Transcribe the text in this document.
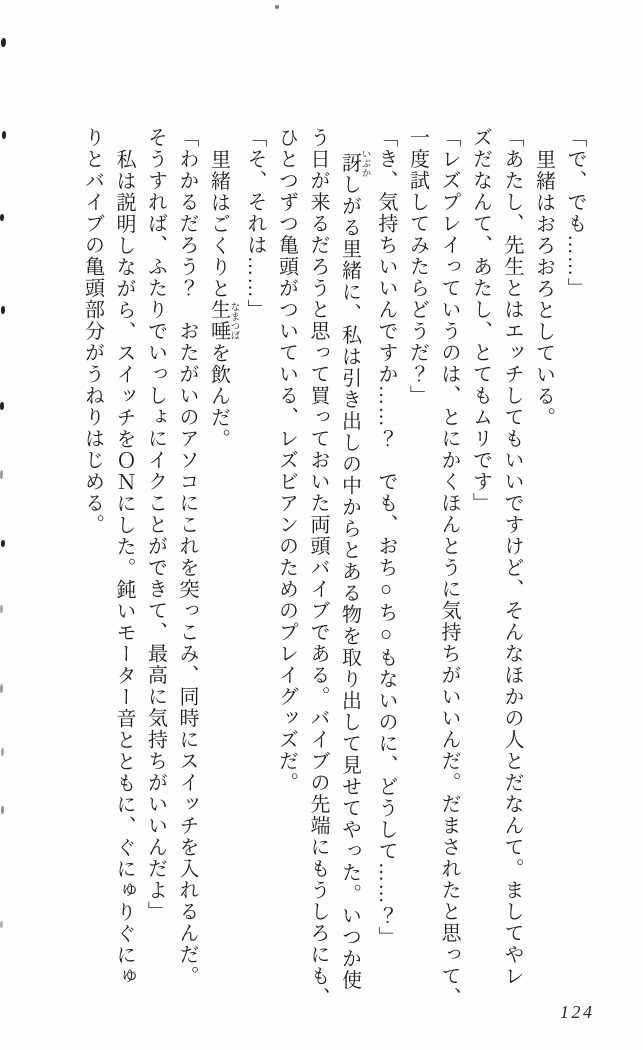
「で、でも……」
里緒はおろおろとしている。
「あたし、先生とはエッチしてもいいですけど、そんなほかの人とだなんて。ましてやレ
ズだなんて、あたし、とてもムリです」
「レズプレイっていうのは、とにかくほんとうに気持ちがいいんだ。だまされたと思って、
一度試してみたらどうだ？」
「き、気持ちいいんですか……？　でも、おち○ち○もないのに、どうして……？」
訝 いぶかしがる里緒に、私は引き出しの中からとある物を取り出して見せてやった。いつか使
う日が来るだろうと思って買っておいた両頭バイブである。バイブの先端にもうしろにも、
ひとつずつ亀頭がついている、レズビアンのためのプレイグッズだ。
「そ、それは……」
里緒はごくりと生唾 なまつばを飲んだ。
「わかるだろう？　おたがいのアソコにこれを突っこみ、同時にスイッチを入れるんだ。
そうすれば、ふたりでいっしょにイクことができて、最高に気持ちがいいんだよ」
私は説明しながら、スイッチをＯＮにした。鈍いモーター音とともに、ぐにゅりぐにゅ
りとバイブの亀頭部分がうねりはじめる。
124
